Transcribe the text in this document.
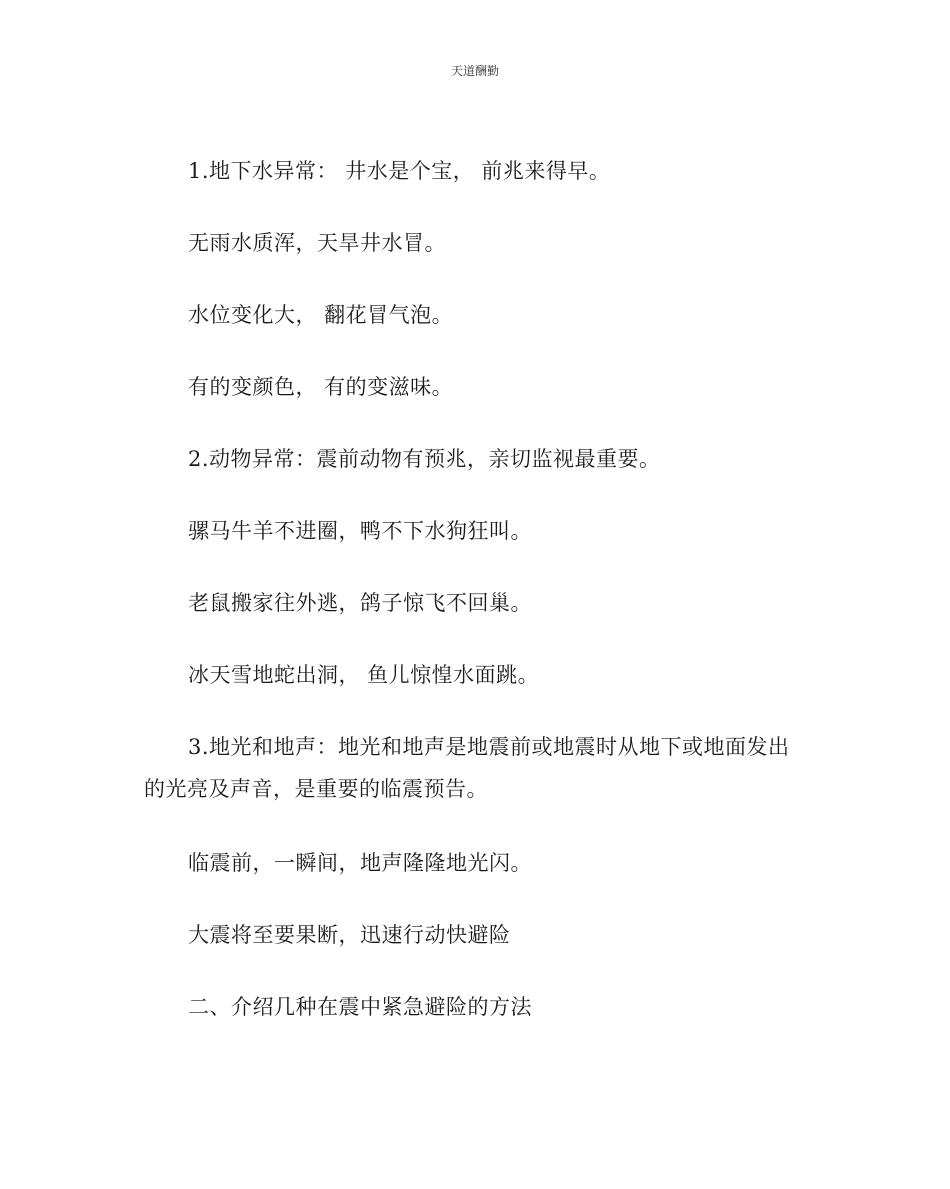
天道酬勤

1.地下水异常： 井水是个宝， 前兆来得早。

无雨水质浑，天旱井水冒。

水位变化大， 翻花冒气泡。

有的变颜色， 有的变滋味。

2.动物异常：震前动物有预兆，亲切监视最重要。

骡马牛羊不进圈，鸭不下水狗狂叫。

老鼠搬家往外逃，鸽子惊飞不回巢。

冰天雪地蛇出洞， 鱼儿惊惶水面跳。

3.地光和地声：地光和地声是地震前或地震时从地下或地面发出的光亮及声音，是重要的临震预告。

临震前，一瞬间，地声隆隆地光闪。

大震将至要果断，迅速行动快避险

二、介绍几种在震中紧急避险的方法
